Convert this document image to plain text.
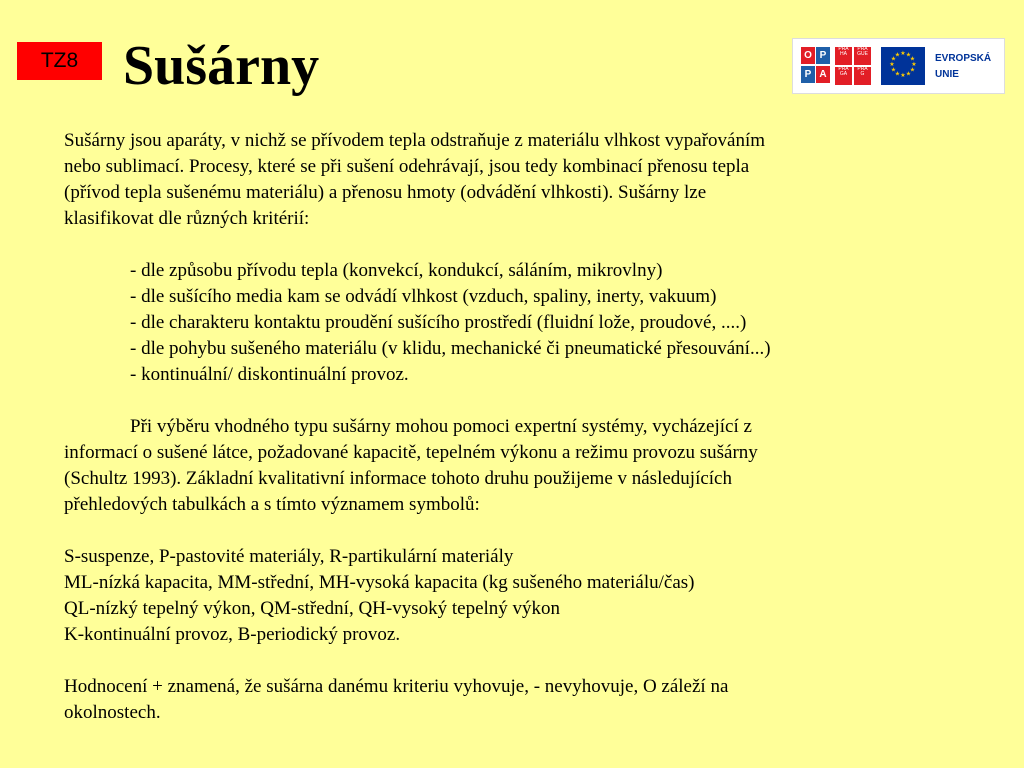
TZ8 Sušárny	O P
P A
PRA
HA
PRA
GUE
PRA
GA
PRA
G
★ ★
★
★
★
★
★
★
★
★
★
★	EVROPSKÁ
UNIE

Sušárny jsou aparáty, v nichž se přívodem tepla odstraňuje z materiálu vlhkost vypařováním

nebo sublimací. Procesy, které se při sušení odehrávají, jsou tedy kombinací přenosu tepla

(přívod tepla sušenému materiálu) a přenosu hmoty (odvádění vlhkosti). Sušárny lze

klasifikovat dle různých kritérií:

- dle způsobu přívodu tepla (konvekcí, kondukcí, sáláním, mikrovlny)

- dle sušícího media kam se odvádí vlhkost (vzduch, spaliny, inerty, vakuum)

- dle charakteru kontaktu proudění sušícího prostředí (fluidní lože, proudové, ....)

- dle pohybu sušeného materiálu (v klidu, mechanické či pneumatické přesouvání...)

- kontinuální/ diskontinuální provoz.

Při výběru vhodného typu sušárny mohou pomoci expertní systémy, vycházející z

informací o sušené látce, požadované kapacitě, tepelném výkonu a režimu provozu sušárny

(Schultz 1993). Základní kvalitativní informace tohoto druhu použijeme v následujících

přehledových tabulkách a s tímto významem symbolů:

S-suspenze, P-pastovité materiály, R-partikulární materiály

ML-nízká kapacita, MM-střední, MH-vysoká kapacita (kg sušeného materiálu/čas)

QL-nízký tepelný výkon, QM-střední, QH-vysoký tepelný výkon

K-kontinuální provoz, B-periodický provoz.

Hodnocení + znamená, že sušárna danému kriteriu vyhovuje, - nevyhovuje, O záleží na

okolnostech.
